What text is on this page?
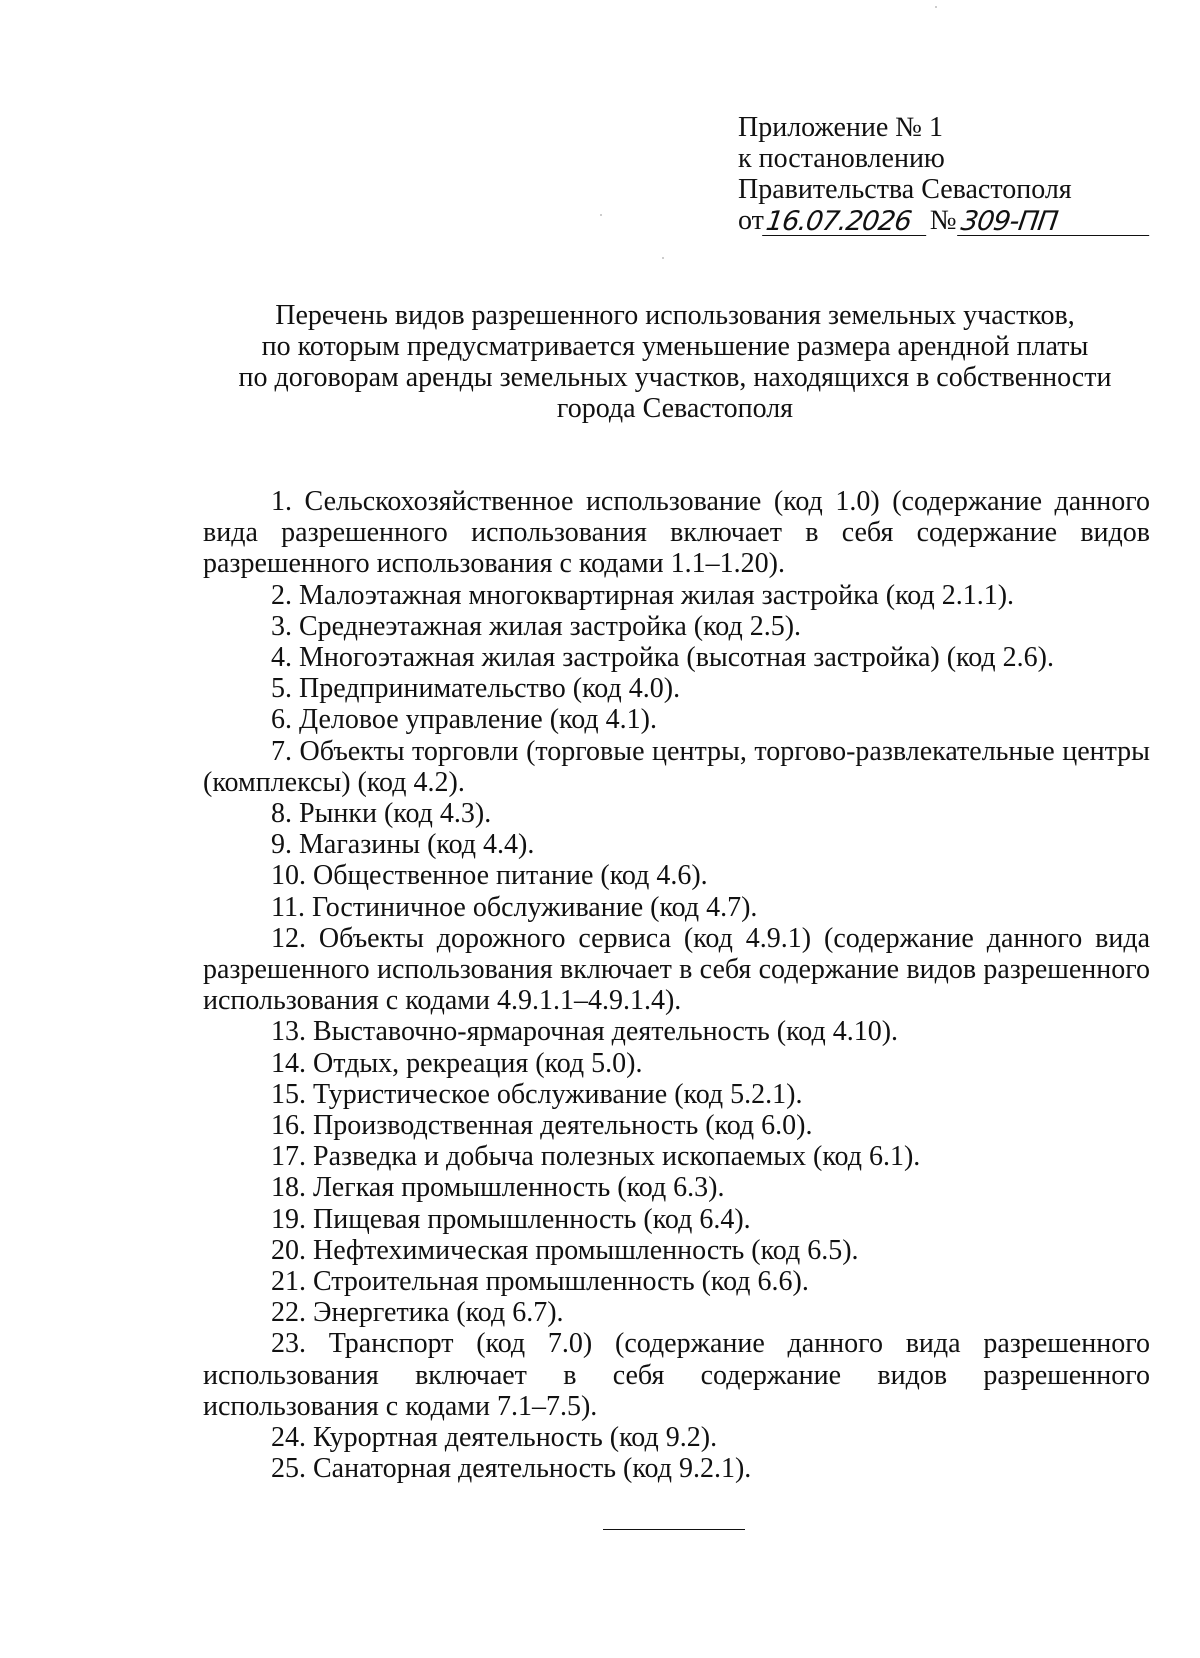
Приложение № 1
к постановлению
Правительства Севастополя
от 16.07.2026 № 309-ПП
Перечень видов разрешенного использования земельных участков,
по которым предусматривается уменьшение размера арендной платы
по договорам аренды земельных участков, находящихся в собственности
города Севастополя

1. Сельскохозяйственное использование (код 1.0) (содержание данного вида разрешенного использования включает в себя содержание видов разрешенного использования с кодами 1.1–1.20).

2. Малоэтажная многоквартирная жилая застройка (код 2.1.1).

3. Среднеэтажная жилая застройка (код 2.5).

4. Многоэтажная жилая застройка (высотная застройка) (код 2.6).

5. Предпринимательство (код 4.0).

6. Деловое управление (код 4.1).

7. Объекты торговли (торговые центры, торгово-развлекательные центры (комплексы) (код 4.2).

8. Рынки (код 4.3).

9. Магазины (код 4.4).

10. Общественное питание (код 4.6).

11. Гостиничное обслуживание (код 4.7).

12. Объекты дорожного сервиса (код 4.9.1) (содержание данного вида разрешенного использования включает в себя содержание видов разрешенного использования с кодами 4.9.1.1–4.9.1.4).

13. Выставочно-ярмарочная деятельность (код 4.10).

14. Отдых, рекреация (код 5.0).

15. Туристическое обслуживание (код 5.2.1).

16. Производственная деятельность (код 6.0).

17. Разведка и добыча полезных ископаемых (код 6.1).

18. Легкая промышленность (код 6.3).

19. Пищевая промышленность (код 6.4).

20. Нефтехимическая промышленность (код 6.5).

21. Строительная промышленность (код 6.6).

22. Энергетика (код 6.7).

23. Транспорт (код 7.0) (содержание данного вида разрешенного использования включает в себя содержание видов разрешенного использования с кодами 7.1–7.5).

24. Курортная деятельность (код 9.2).

25. Санаторная деятельность (код 9.2.1).
